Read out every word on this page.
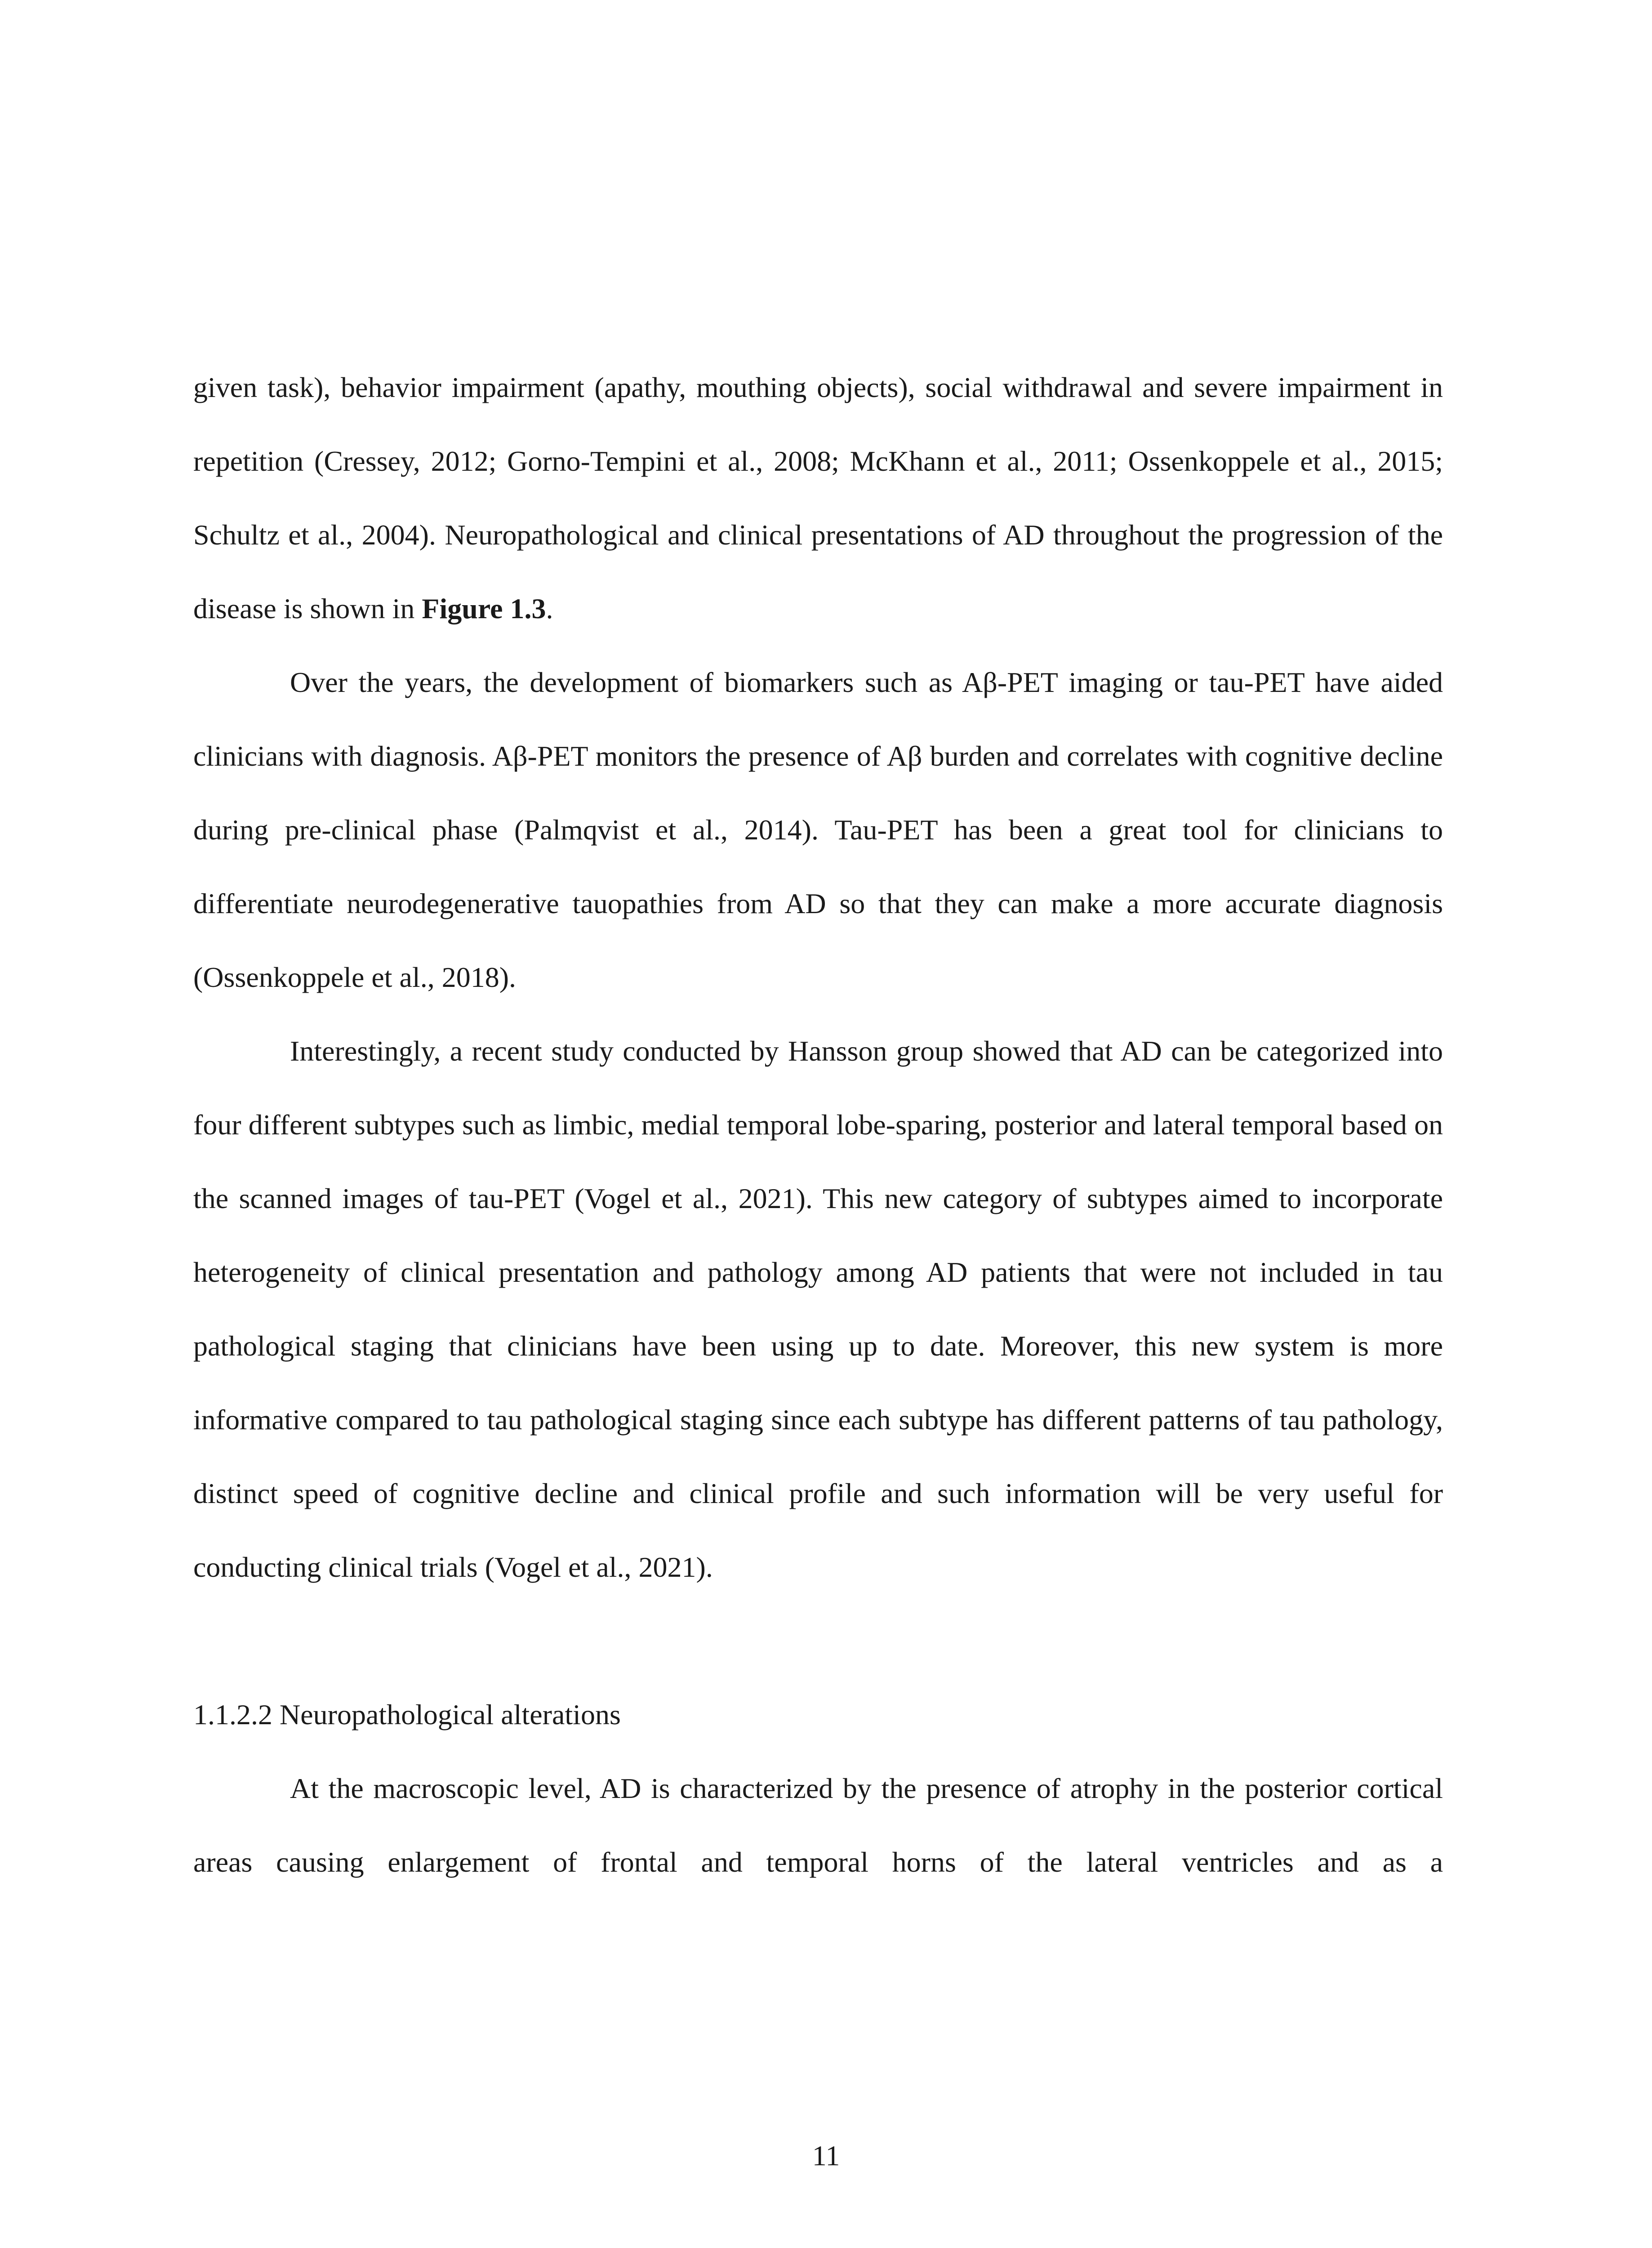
given task), behavior impairment (apathy, mouthing objects), social withdrawal and severe impairment in repetition (Cressey, 2012; Gorno-Tempini et al., 2008; McKhann et al., 2011; Ossenkoppele et al., 2015; Schultz et al., 2004). Neuropathological and clinical presentations of AD throughout the progression of the disease is shown in Figure 1.3.

Over the years, the development of biomarkers such as Aβ-PET imaging or tau-PET have aided clinicians with diagnosis. Aβ-PET monitors the presence of Aβ burden and correlates with cognitive decline during pre-clinical phase (Palmqvist et al., 2014). Tau-PET has been a great tool for clinicians to differentiate neurodegenerative tauopathies from AD so that they can make a more accurate diagnosis (Ossenkoppele et al., 2018).

Interestingly, a recent study conducted by Hansson group showed that AD can be categorized into four different subtypes such as limbic, medial temporal lobe-sparing, posterior and lateral temporal based on the scanned images of tau-PET (Vogel et al., 2021). This new category of subtypes aimed to incorporate heterogeneity of clinical presentation and pathology among AD patients that were not included in tau pathological staging that clinicians have been using up to date. Moreover, this new system is more informative compared to tau pathological staging since each subtype has different patterns of tau pathology, distinct speed of cognitive decline and clinical profile and such information will be very useful for conducting clinical trials (Vogel et al., 2021).

1.1.2.2 Neuropathological alterations

At the macroscopic level, AD is characterized by the presence of atrophy in the posterior cortical areas causing enlargement of frontal and temporal horns of the lateral ventricles and as a

11
